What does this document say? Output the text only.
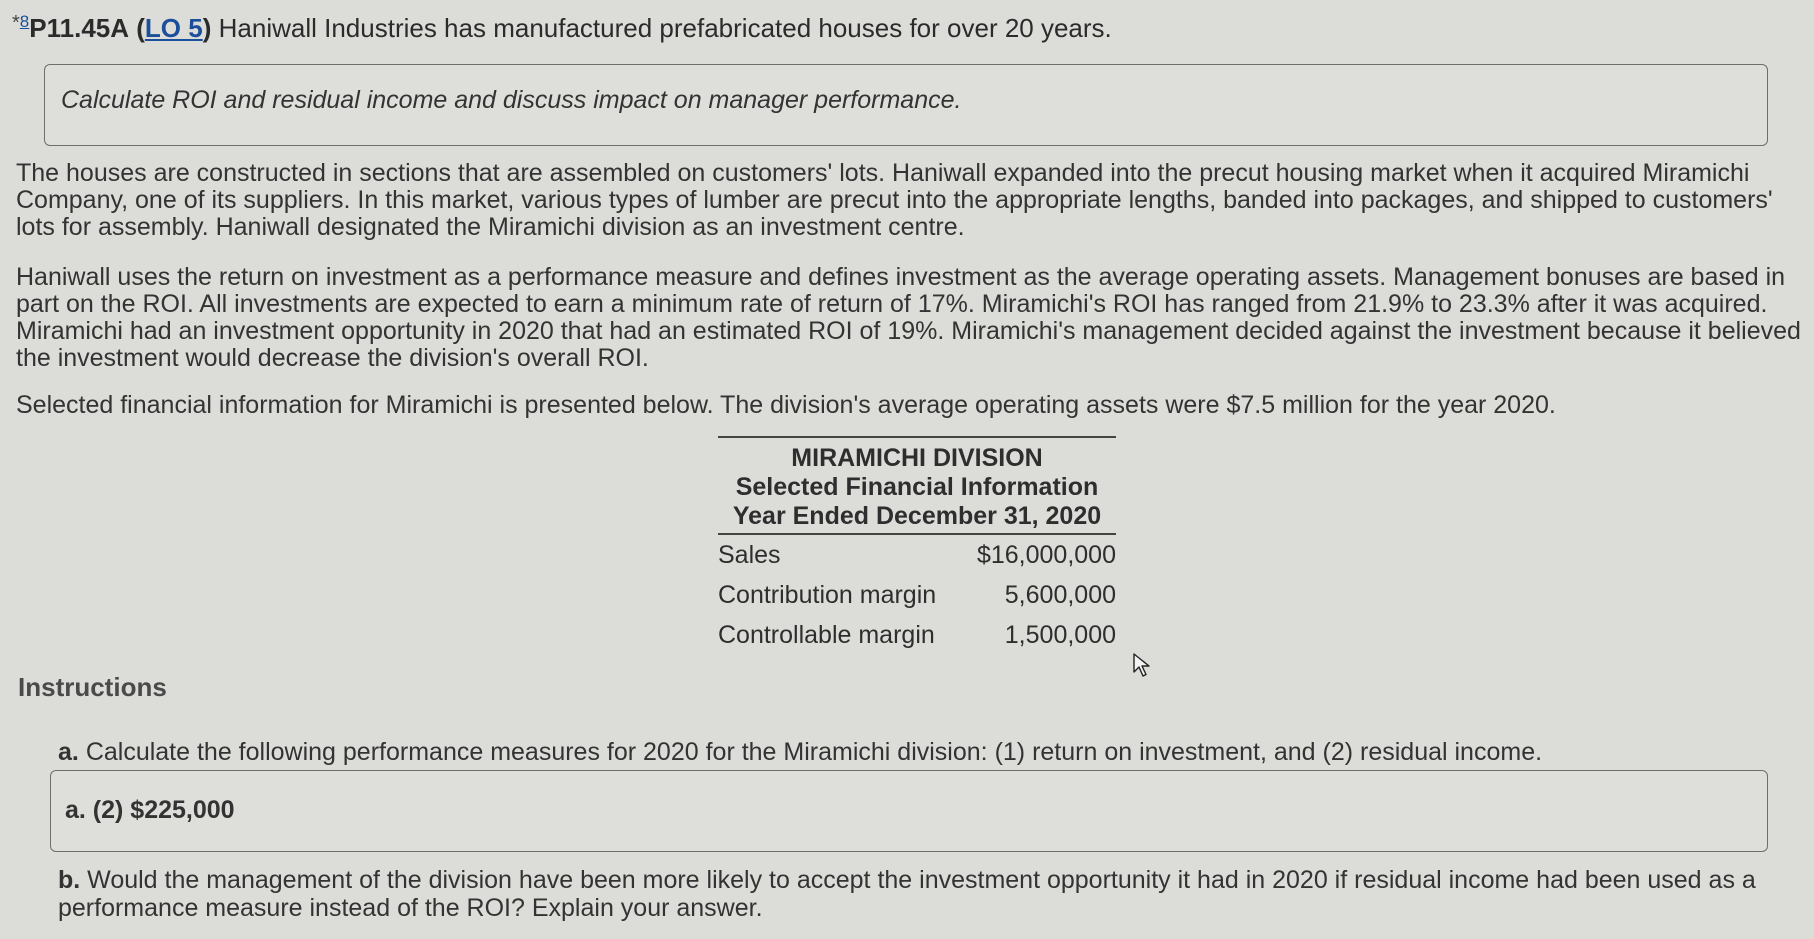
$^{*8}$P11.45A (LO 5) Haniwall Industries has manufactured prefabricated houses for over 20 years.
Calculate ROI and residual income and discuss impact on manager performance.
The houses are constructed in sections that are assembled on customers' lots. Haniwall expanded into the precut housing market when it acquired Miramichi Company, one of its suppliers. In this market, various types of lumber are precut into the appropriate lengths, banded into packages, and shipped to customers' lots for assembly. Haniwall designated the Miramichi division as an investment centre.
Haniwall uses the return on investment as a performance measure and defines investment as the average operating assets. Management bonuses are based in part on the ROI. All investments are expected to earn a minimum rate of return of 17%. Miramichi's ROI has ranged from 21.9% to 23.3% after it was acquired. Miramichi had an investment opportunity in 2020 that had an estimated ROI of 19%. Miramichi's management decided against the investment because it believed the investment would decrease the division's overall ROI.
Selected financial information for Miramichi is presented below. The division's average operating assets were $7.5 million for the year 2020.
MIRAMICHI DIVISION
Selected Financial Information
Year Ended December 31, 2020
Sales	$16,000,000
Contribution margin	5,600,000
Controllable margin	1,500,000
Instructions
a. Calculate the following performance measures for 2020 for the Miramichi division: (1) return on investment, and (2) residual income.
a. (2) $225,000
b. Would the management of the division have been more likely to accept the investment opportunity it had in 2020 if residual income had been used as a performance measure instead of the ROI? Explain your answer.
